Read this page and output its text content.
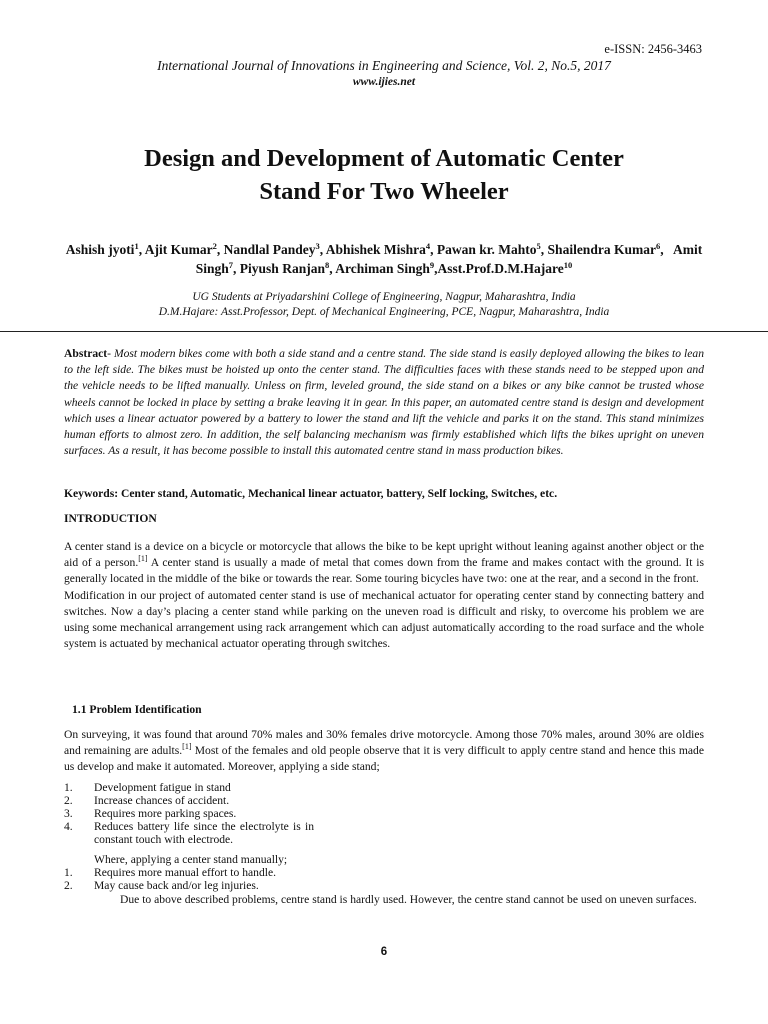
e-ISSN: 2456-3463
International Journal of Innovations in Engineering and Science, Vol. 2, No.5, 2017
www.ijies.net
Design and Development of Automatic Center
Stand For Two Wheeler
Ashish jyoti$^1$, Ajit Kumar$^2$, Nandlal Pandey$^3$, Abhishek Mishra$^4$, Pawan kr. Mahto$^5$, Shailendra Kumar$^6$,   Amit Singh$^7$, Piyush Ranjan$^8$, Archiman Singh$^9$,Asst.Prof.D.M.Hajare$^{10}$
UG Students at Priyadarshini College of Engineering, Nagpur, Maharashtra, India
D.M.Hajare: Asst.Professor, Dept. of Mechanical Engineering, PCE, Nagpur, Maharashtra, India
Abstract- Most modern bikes come with both a side stand and a centre stand. The side stand is easily deployed allowing the bikes to lean to the left side. The bikes must be hoisted up onto the center stand. The difficulties faces with these stands need to be stepped upon and the vehicle needs to be lifted manually. Unless on firm, leveled ground, the side stand on a bikes or any bike cannot be trusted whose wheels cannot be locked in place by setting a brake leaving it in gear. In this paper, an automated centre stand is design and development which uses a linear actuator powered by a battery to lower the stand and lift the vehicle and parks it on the stand. This stand minimizes human efforts to almost zero. In addition, the self balancing mechanism was firmly established which lifts the bikes upright on uneven surfaces. As a result, it has become possible to install this automated centre stand in mass production bikes.
Keywords: Center stand, Automatic, Mechanical linear actuator, battery, Self locking, Switches, etc.
INTRODUCTION

A center stand is a device on a bicycle or motorcycle that allows the bike to be kept upright without leaning against another object or the aid of a person.[1] A center stand is usually a made of metal that comes down from the frame and makes contact with the ground. It is generally located in the middle of the bike or towards the rear. Some touring bicycles have two: one at the rear, and a second in the front.

Modification in our project of automated center stand is use of mechanical actuator for operating center stand by connecting battery and switches. Now a day’s placing a center stand while parking on the uneven road is difficult and risky, to overcome his problem we are using some mechanical arrangement using rack arrangement which can adjust automatically according to the road surface and the whole system is actuated by mechanical actuator operating through switches.

1.1 Problem Identification
On surveying, it was found that around 70% males and 30% females drive motorcycle. Among those 70% males, around 30% are oldies and remaining are adults.[1] Most of the females and old people observe that it is very difficult to apply centre stand and hence this made us develop and make it automated. Moreover, applying a side stand;
1.	Development fatigue in stand
2.	Increase chances of accident.
3.	Requires more parking spaces.
4.	Reduces battery life since the electrolyte is in constant touch with electrode.
Where, applying a center stand manually;
1.	Requires more manual effort to handle.
2.	May cause back and/or leg injuries.
Due to above described problems, centre stand is hardly used. However, the centre stand cannot be used on uneven surfaces.
6
